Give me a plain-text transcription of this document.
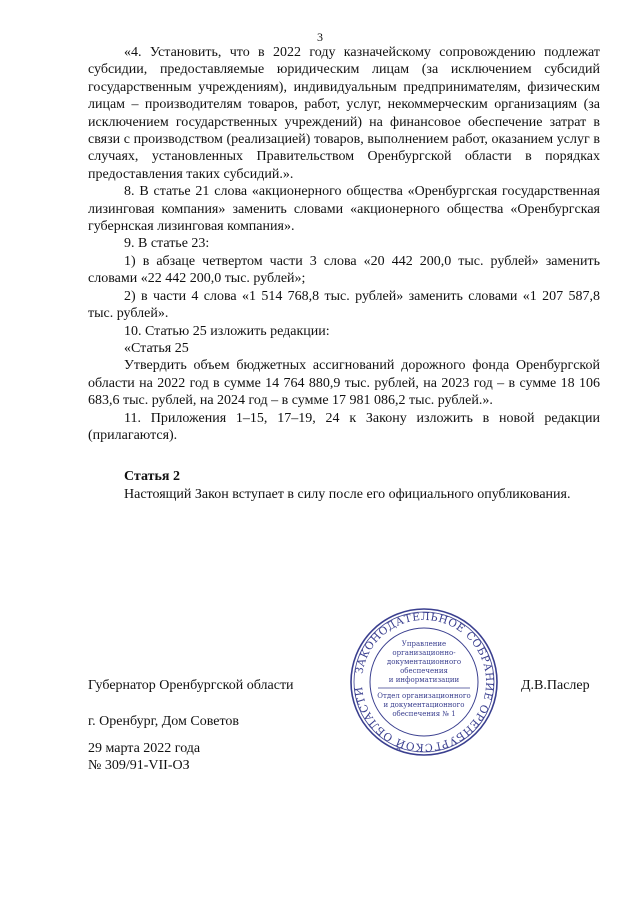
3

«4. Установить, что в 2022 году казначейскому сопровождению подлежат субсидии, предоставляемые юридическим лицам (за исключением субсидий государственным учреждениям), индивидуальным предпринимателям, физическим лицам – производителям товаров, работ, услуг, некоммерческим организациям (за исключением государственных учреждений) на финансовое обеспечение затрат в связи с производством (реализацией) товаров, выполнением работ, оказанием услуг в случаях, установленных Правительством Оренбургской области в порядках предоставления таких субсидий.».

8. В статье 21 слова «акционерного общества «Оренбургская государственная лизинговая компания» заменить словами «акционерного общества «Оренбургская губернская лизинговая компания».

9. В статье 23:

1) в абзаце четвертом части 3 слова «20 442 200,0 тыс. рублей» заменить словами «22 442 200,0 тыс. рублей»;

2) в части 4 слова «1 514 768,8 тыс. рублей» заменить словами «1 207 587,8 тыс. рублей».

10. Статью 25 изложить редакции:

«Статья 25

Утвердить объем бюджетных ассигнований дорожного фонда Оренбургской области на 2022 год в сумме 14 764 880,9 тыс. рублей, на 2023 год – в сумме 18 106 683,6 тыс. рублей, на 2024 год – в сумме 17 981 086,2 тыс. рублей.».

11. Приложения 1–15, 17–19, 24 к Закону изложить в новой редакции (прилагаются).

Статья 2

Настоящий Закон вступает в силу после его официального опубликования.

Губернатор Оренбургской области	Д.В.Паслер
г. Оренбург, Дом Советов
29 марта 2022 года
№ 309/91-VII-ОЗ
ЗАКОНОДАТЕЛЬНОЕ СОБРАНИЕ ОРЕНБУРГСКОЙ ОБЛАСТИ
Управление
организационно-
документационного
обеспечения
и информатизации
Отдел организационного
и документационного
обеспечения № 1
